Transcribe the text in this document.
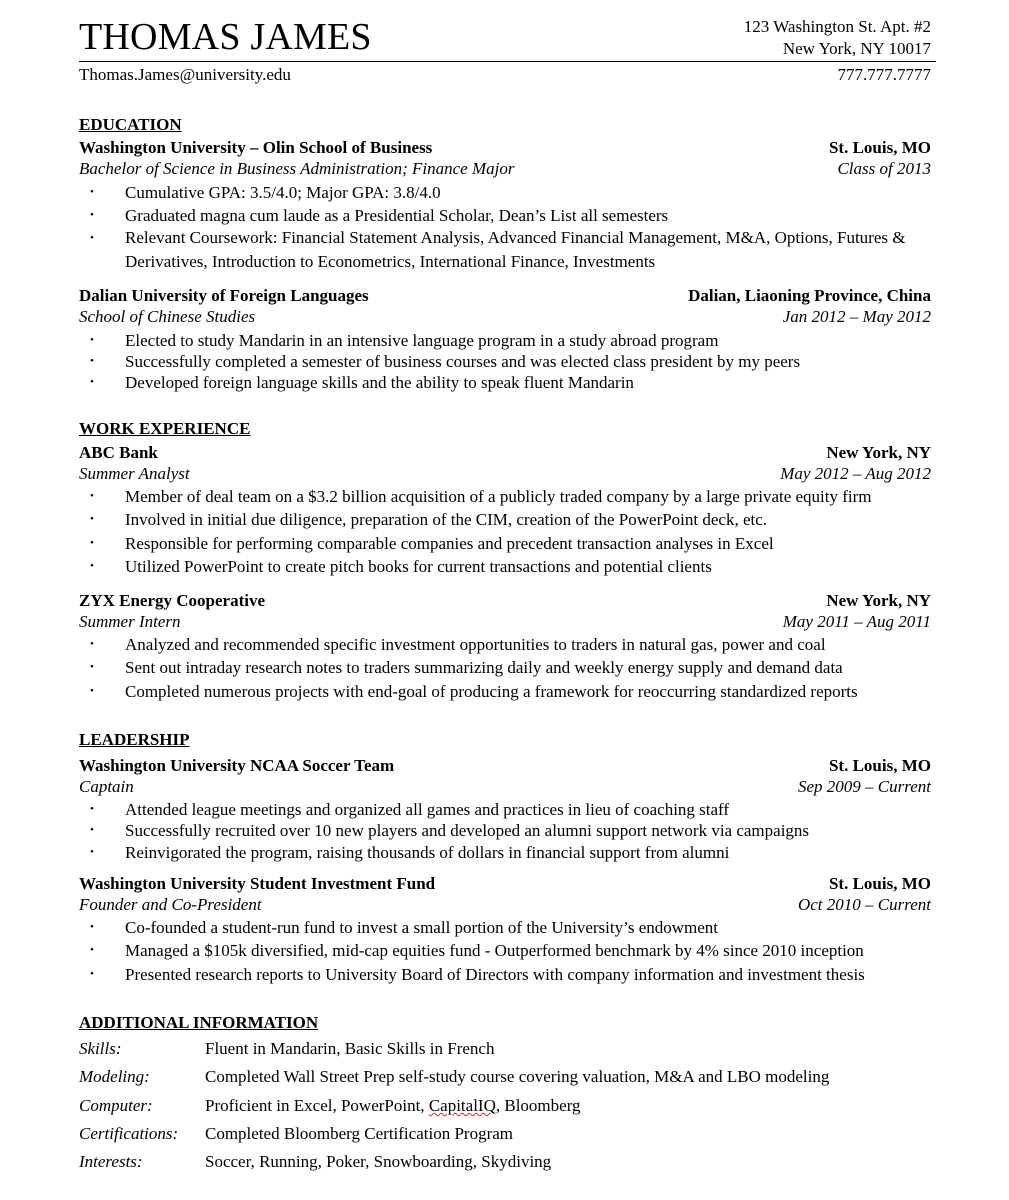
THOMAS JAMES	123 Washington St. Apt. #2
New York, NY 10017
Thomas.James@university.edu	777.777.7777
EDUCATION
Washington University – Olin School of Business	St. Louis, MO
Bachelor of Science in Business Administration; Finance Major	Class of 2013
•	Cumulative GPA: 3.5/4.0; Major GPA: 3.8/4.0
•	Graduated magna cum laude as a Presidential Scholar, Dean’s List all semesters
•	Relevant Coursework: Financial Statement Analysis, Advanced Financial Management, M&A, Options, Futures & Derivatives, Introduction to Econometrics, International Finance, Investments
Dalian University of Foreign Languages	Dalian, Liaoning Province, China
School of Chinese Studies	Jan 2012 – May 2012
•	Elected to study Mandarin in an intensive language program in a study abroad program
•	Successfully completed a semester of business courses and was elected class president by my peers
•	Developed foreign language skills and the ability to speak fluent Mandarin
WORK EXPERIENCE
ABC Bank	New York, NY
Summer Analyst	May 2012 – Aug 2012
•	Member of deal team on a $3.2 billion acquisition of a publicly traded company by a large private equity firm
•	Involved in initial due diligence, preparation of the CIM, creation of the PowerPoint deck, etc.
•	Responsible for performing comparable companies and precedent transaction analyses in Excel
•	Utilized PowerPoint to create pitch books for current transactions and potential clients
ZYX Energy Cooperative	New York, NY
Summer Intern	May 2011 – Aug 2011
•	Analyzed and recommended specific investment opportunities to traders in natural gas, power and coal
•	Sent out intraday research notes to traders summarizing daily and weekly energy supply and demand data
•	Completed numerous projects with end-goal of producing a framework for reoccurring standardized reports
LEADERSHIP
Washington University NCAA Soccer Team	St. Louis, MO
Captain	Sep 2009 – Current
•	Attended league meetings and organized all games and practices in lieu of coaching staff
•	Successfully recruited over 10 new players and developed an alumni support network via campaigns
•	Reinvigorated the program, raising thousands of dollars in financial support from alumni
Washington University Student Investment Fund	St. Louis, MO
Founder and Co-President	Oct 2010 – Current
•	Co-founded a student-run fund to invest a small portion of the University’s endowment
•	Managed a $105k diversified, mid-cap equities fund - Outperformed benchmark by 4% since 2010 inception
•	Presented research reports to University Board of Directors with company information and investment thesis
ADDITIONAL INFORMATION
Skills:	Fluent in Mandarin, Basic Skills in French
Modeling:	Completed Wall Street Prep self-study course covering valuation, M&A and LBO modeling
Computer:	Proficient in Excel, PowerPoint, CapitalIQ, Bloomberg
Certifications: Completed Bloomberg Certification Program
Interests:	Soccer, Running, Poker, Snowboarding, Skydiving
